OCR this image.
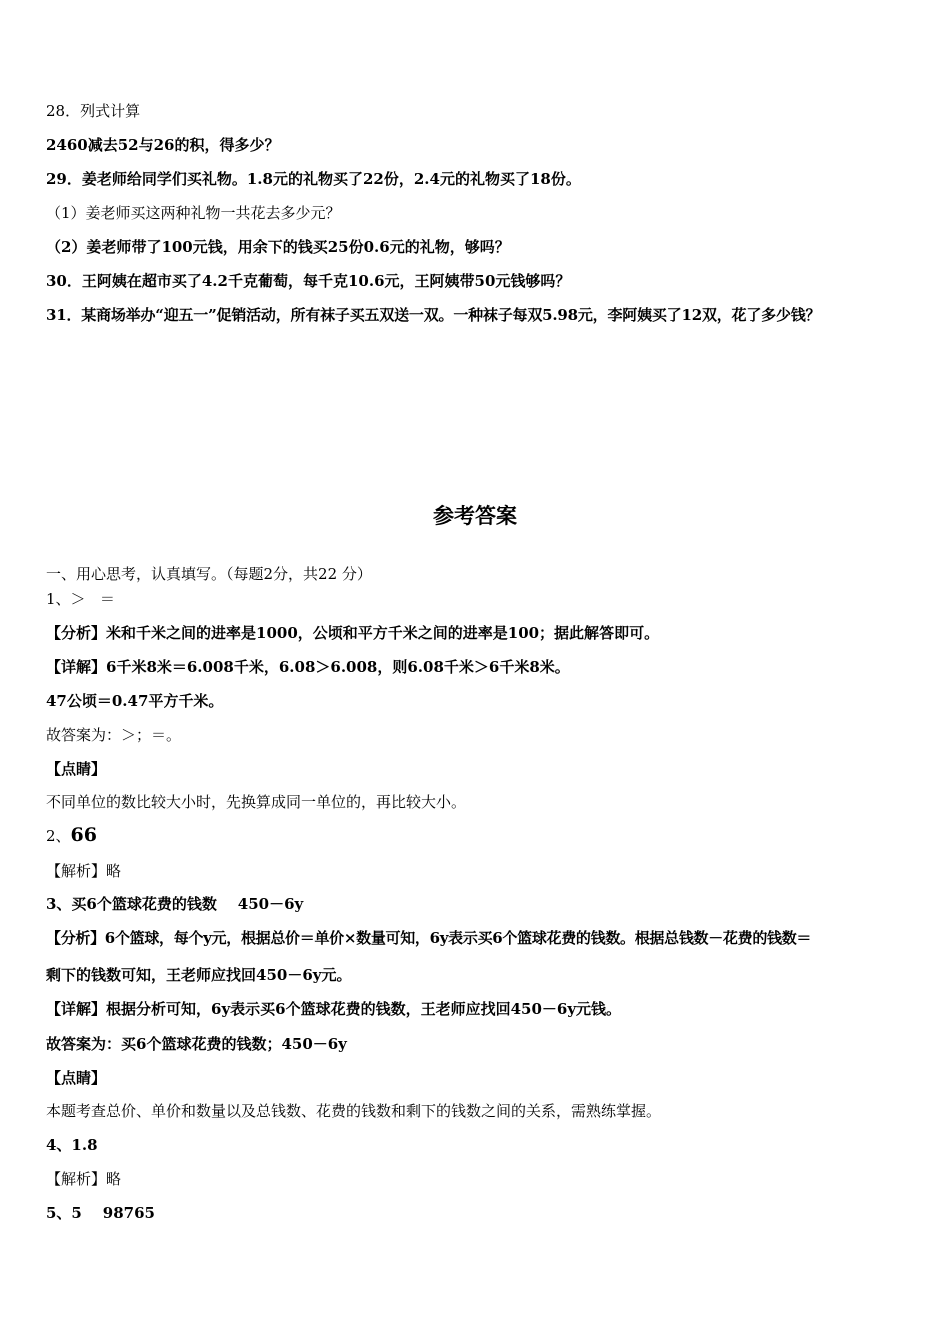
28．列式计算
2460减去52与26的积，得多少？
29．姜老师给同学们买礼物。1.8元的礼物买了22份，2.4元的礼物买了18份。
（1）姜老师买这两种礼物一共花去多少元？
（2）姜老师带了100元钱，用余下的钱买25份0.6元的礼物，够吗？
30．王阿姨在超市买了4.2千克葡萄，每千克10.6元，王阿姨带50元钱够吗？
31．某商场举办“迎五一”促销活动，所有袜子买五双送一双。一种袜子每双5.98元，李阿姨买了12双，花了多少钱？
参考答案
一、用心思考，认真填写。（每题2分，共22 分）
1、＞   ＝
【分析】米和千米之间的进率是1000，公顷和平方千米之间的进率是100；据此解答即可。
【详解】6千米8米＝6.008千米，6.08＞6.008，则6.08千米＞6千米8米。
47公顷＝0.47平方千米。
故答案为：＞；＝。
【点睛】
不同单位的数比较大小时，先换算成同一单位的，再比较大小。
2、66
【解析】略
3、买6个篮球花费的钱数    450－6y
【分析】6个篮球，每个y元，根据总价＝单价×数量可知，6y表示买6个篮球花费的钱数。根据总钱数－花费的钱数＝
剩下的钱数可知，王老师应找回450－6y元。
【详解】根据分析可知，6y表示买6个篮球花费的钱数，王老师应找回450－6y元钱。
故答案为：买6个篮球花费的钱数；450－6y
【点睛】
本题考查总价、单价和数量以及总钱数、花费的钱数和剩下的钱数之间的关系，需熟练掌握。
4、1.8
【解析】略
5、5    98765
